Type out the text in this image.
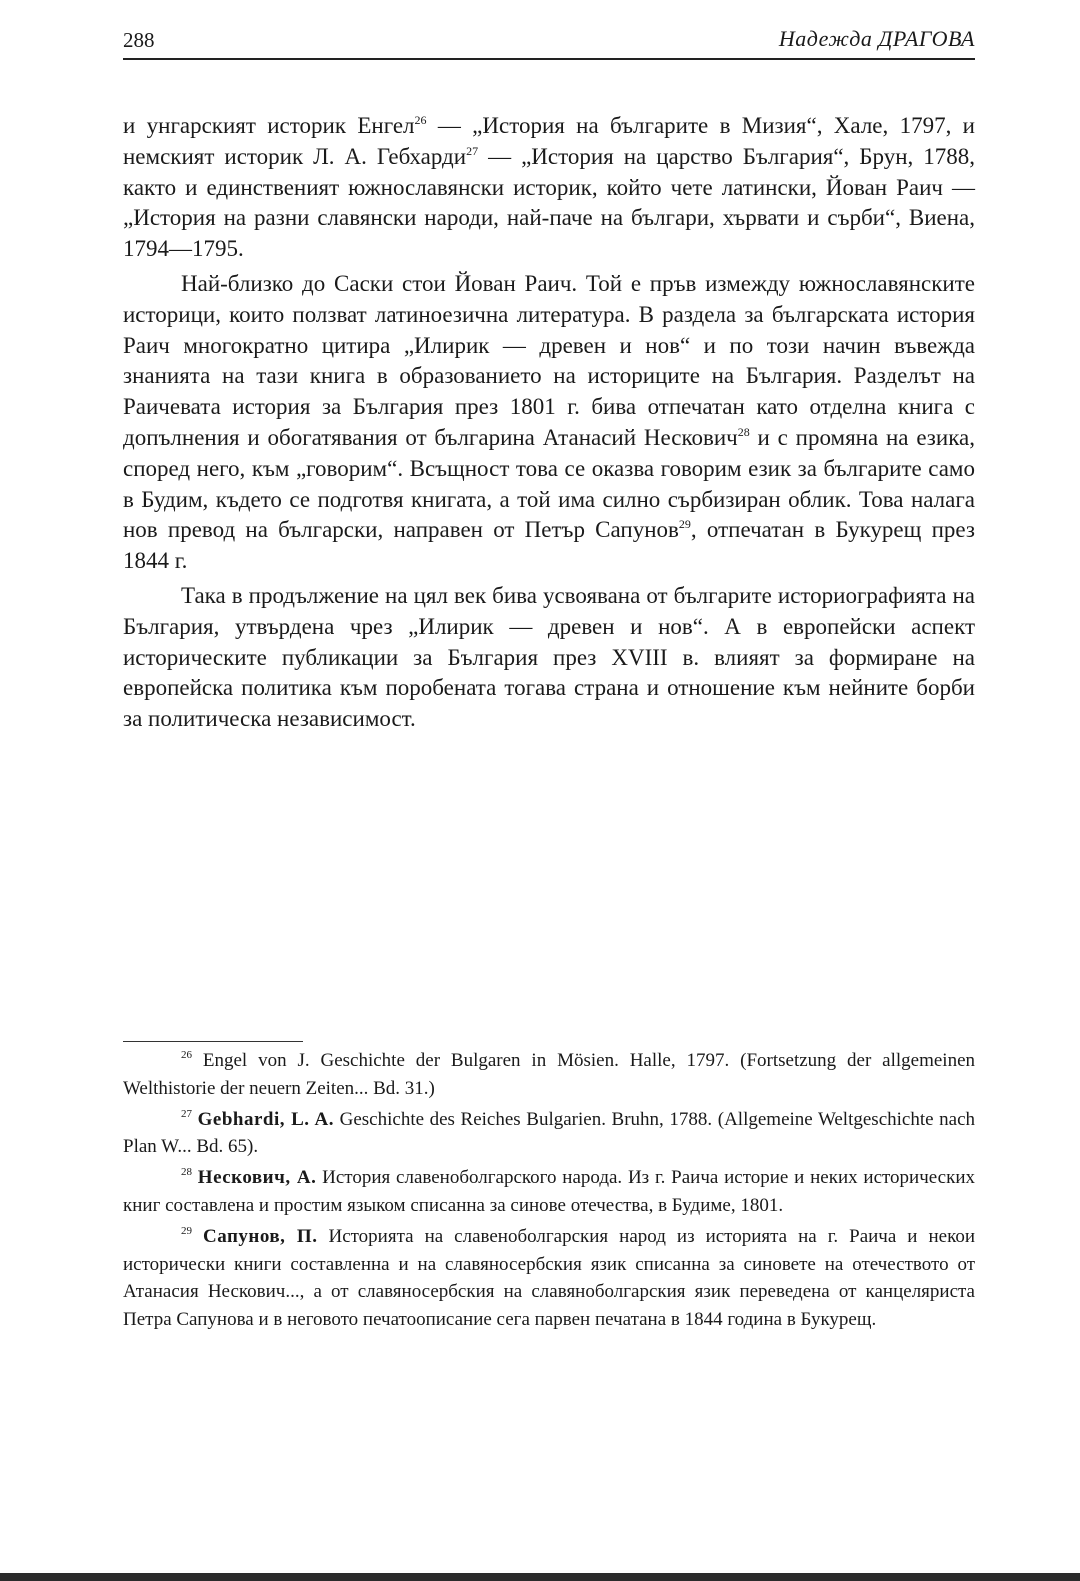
288	Надежда ДРАГОВА

и унгарският историк Енгел$^{26}$ — „История на българите в Мизия“, Хале, 1797, и немският историк Л. А. Гебхарди$^{27}$ — „История на царство България“, Брун, 1788, както и единственият южнославянски историк, който чете латински, Йован Раич — „История на разни славянски народи, най-паче на българи, хървати и сърби“, Виена, 1794—1795.

Най-близко до Саски стои Йован Раич. Той е пръв измежду южнославянските историци, които ползват латиноезична литература. В раздела за българската история Раич многократно цитира „Илирик — древен и нов“ и по този начин въвежда знанията на тази книга в образованието на историците на България. Разделът на Раичевата история за България през 1801 г. бива отпечатан като отделна книга с допълнения и обогатявания от българина Атанасий Нескович$^{28}$ и с промяна на езика, според него, към „говорим“. Всъщност това се оказва говорим език за българите само в Будим, където се подготвя книгата, а той има силно сърбизиран облик. Това налага нов превод на български, направен от Петър Сапунов$^{29}$, отпечатан в Букурещ през 1844 г.

Така в продължение на цял век бива усвоявана от българите историографията на България, утвърдена чрез „Илирик — древен и нов“. А в европейски аспект историческите публикации за България през XVIII в. влияят за формиране на европейска политика към поробената тогава страна и отношение към нейните борби за политическа независимост.

$^{26}$ Engel von J. Geschichte der Bulgaren in Mösien. Halle, 1797. (Fortsetzung der allgemeinen Welthistorie der neuern Zeiten... Bd. 31.)

$^{27}$ Gebhardi, L. A. Geschichte des Reiches Bulgarien. Bruhn, 1788. (Allgemeine Weltgeschichte nach Plan W... Bd. 65).

$^{28}$ Нескович, А. История славеноболгарского народа. Из г. Раича историе и неких исторических книг составлена и простим языком списанна за синове отечества, в Будиме, 1801.

$^{29}$ Сапунов, П. Историята на славеноболгарския народ из историята на г. Раича и некои исторически книги составленна и на славяносербския язик списанна за синовете на отечеството от Атанасия Нескович..., а от славяносербския на славяноболгарския язик переведена от канцеляриста Петра Сапунова и в неговото печатоописание сега парвен печатана в 1844 година в Букурещ.
